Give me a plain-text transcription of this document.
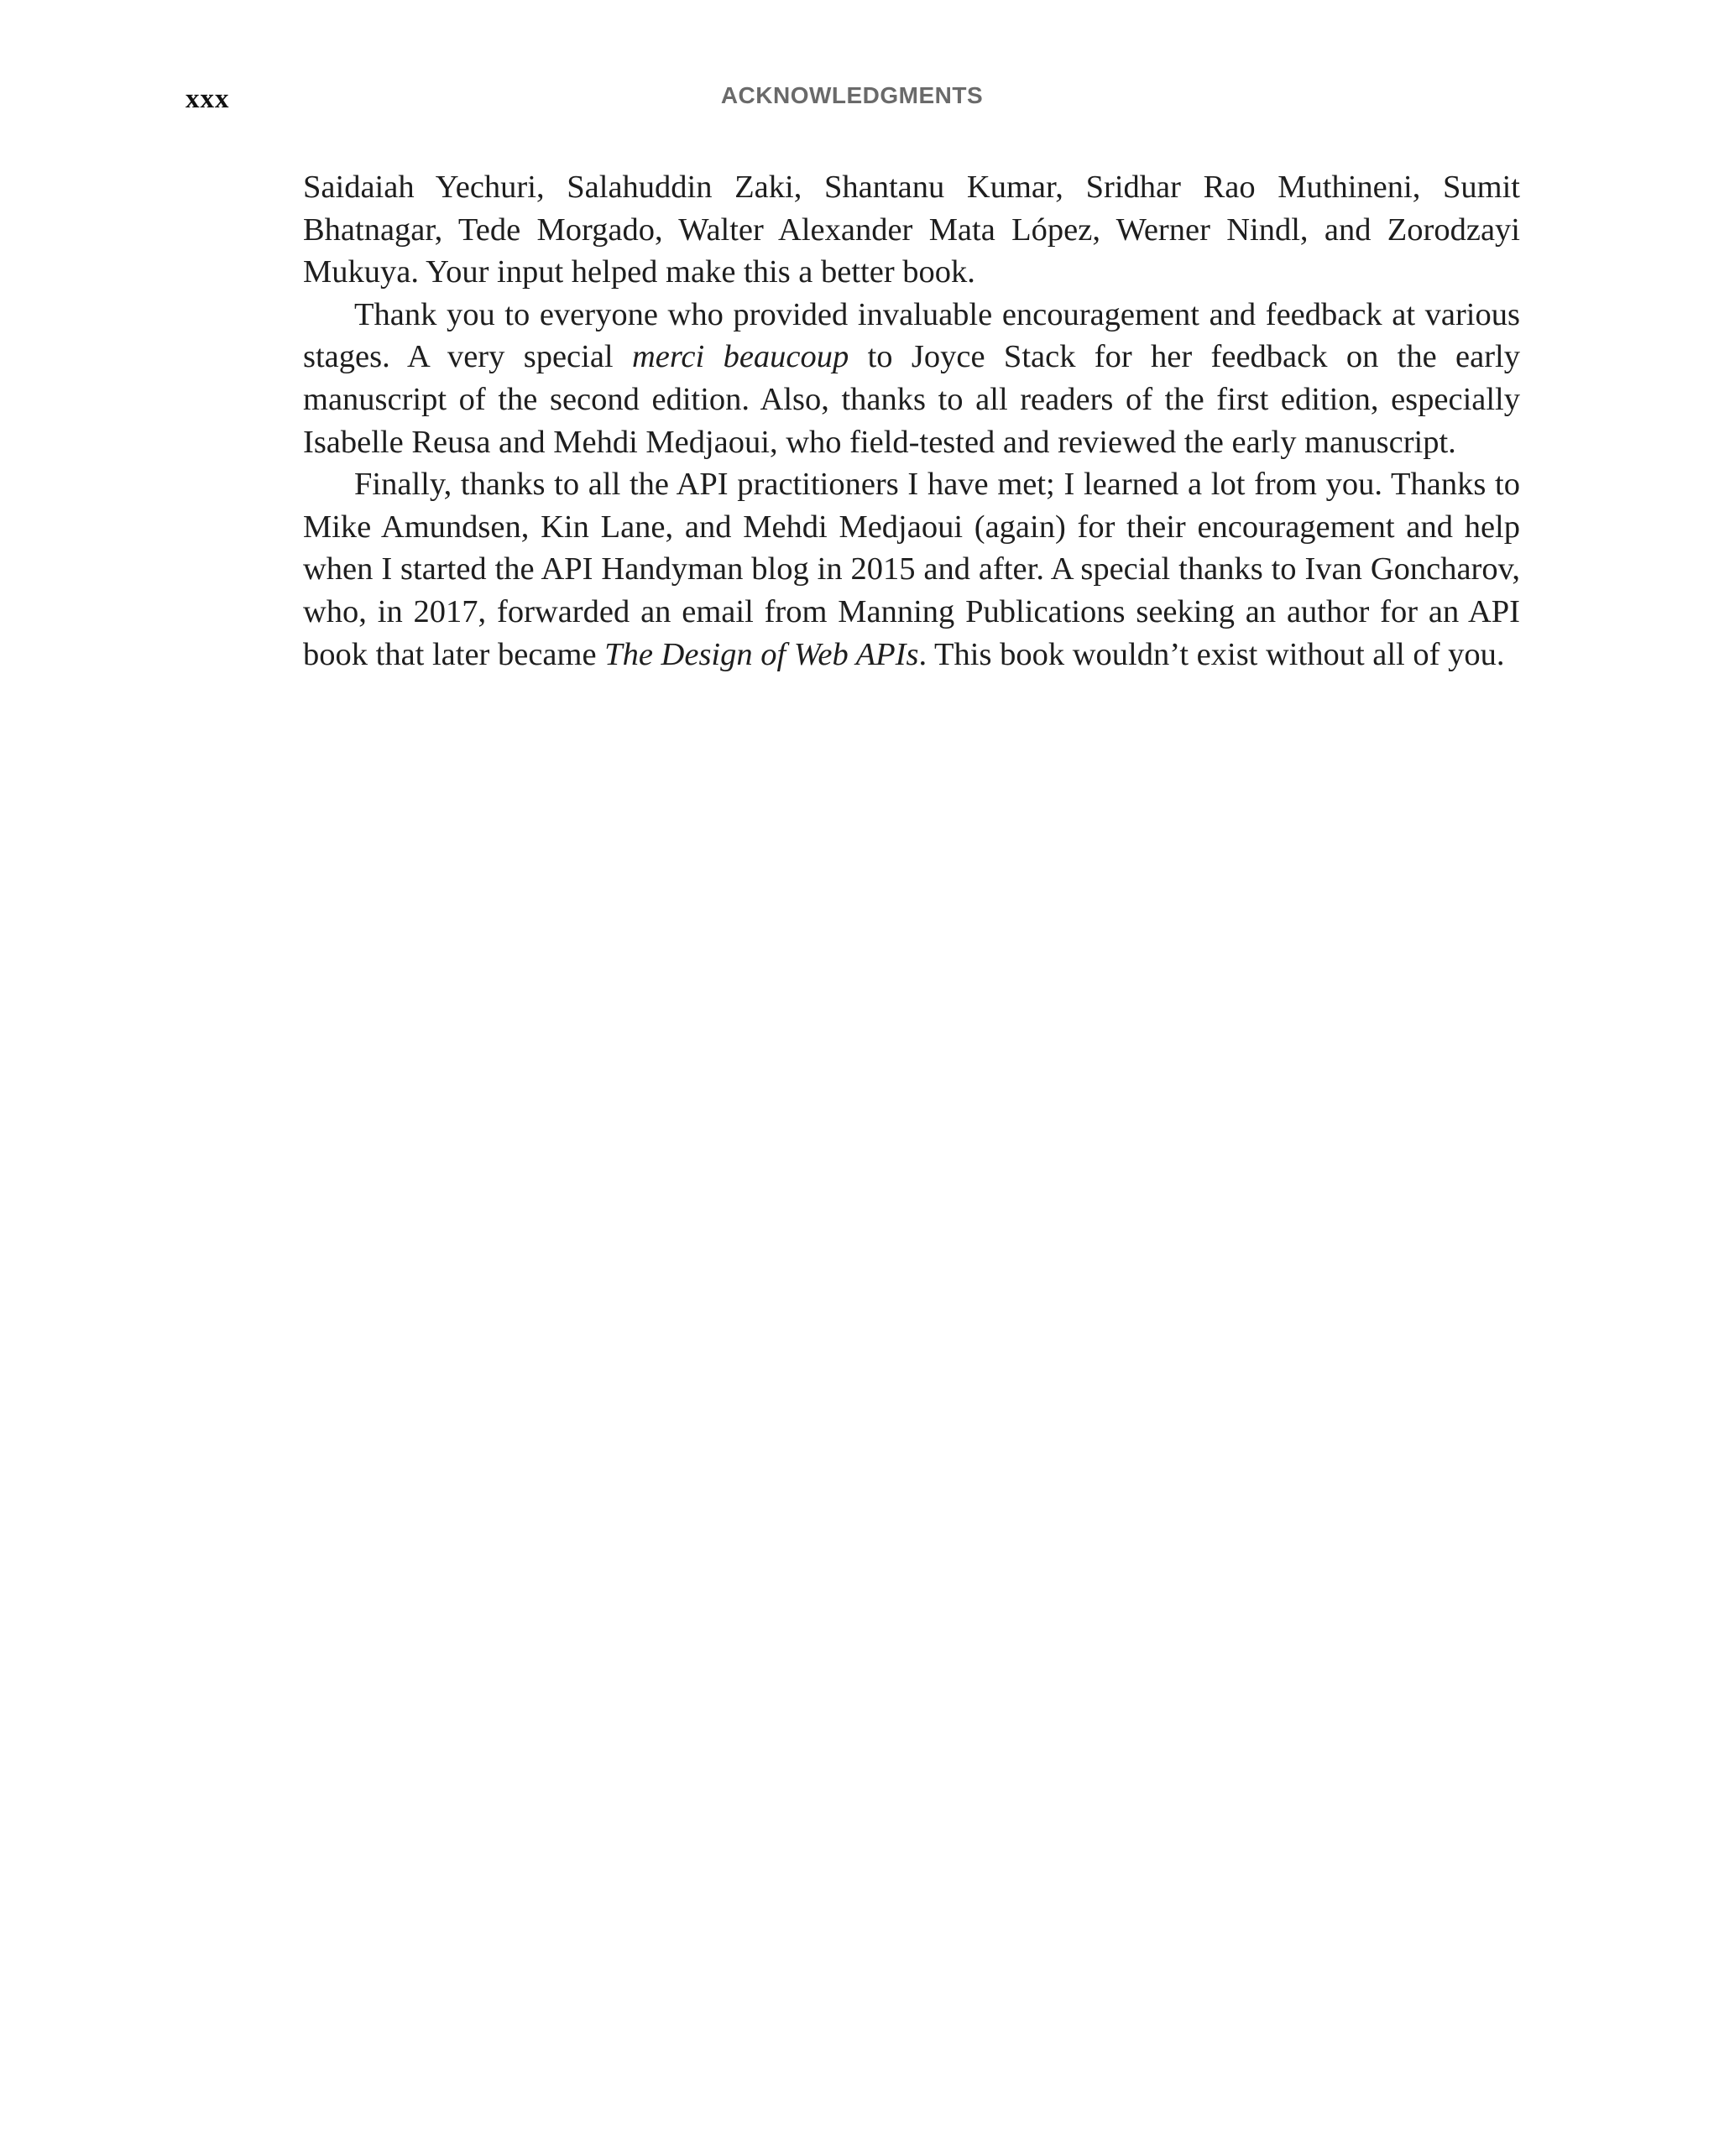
xxx	ACKNOWLEDGMENTS

Saidaiah Yechuri, Salahuddin Zaki, Shantanu Kumar, Sridhar Rao Muthineni, Sumit Bhatnagar, Tede Morgado, Walter Alexander Mata López, Werner Nindl, and Zorodzayi Mukuya. Your input helped make this a better book.

Thank you to everyone who provided invaluable encouragement and feedback at various stages. A very special merci beaucoup to Joyce Stack for her feedback on the early manuscript of the second edition. Also, thanks to all readers of the first edition, especially Isabelle Reusa and Mehdi Medjaoui, who field-tested and reviewed the early manuscript.

Finally, thanks to all the API practitioners I have met; I learned a lot from you. Thanks to Mike Amundsen, Kin Lane, and Mehdi Medjaoui (again) for their encouragement and help when I started the API Handyman blog in 2015 and after. A special thanks to Ivan Goncharov, who, in 2017, forwarded an email from Manning Publications seeking an author for an API book that later became The Design of Web APIs. This book wouldn’t exist without all of you.
